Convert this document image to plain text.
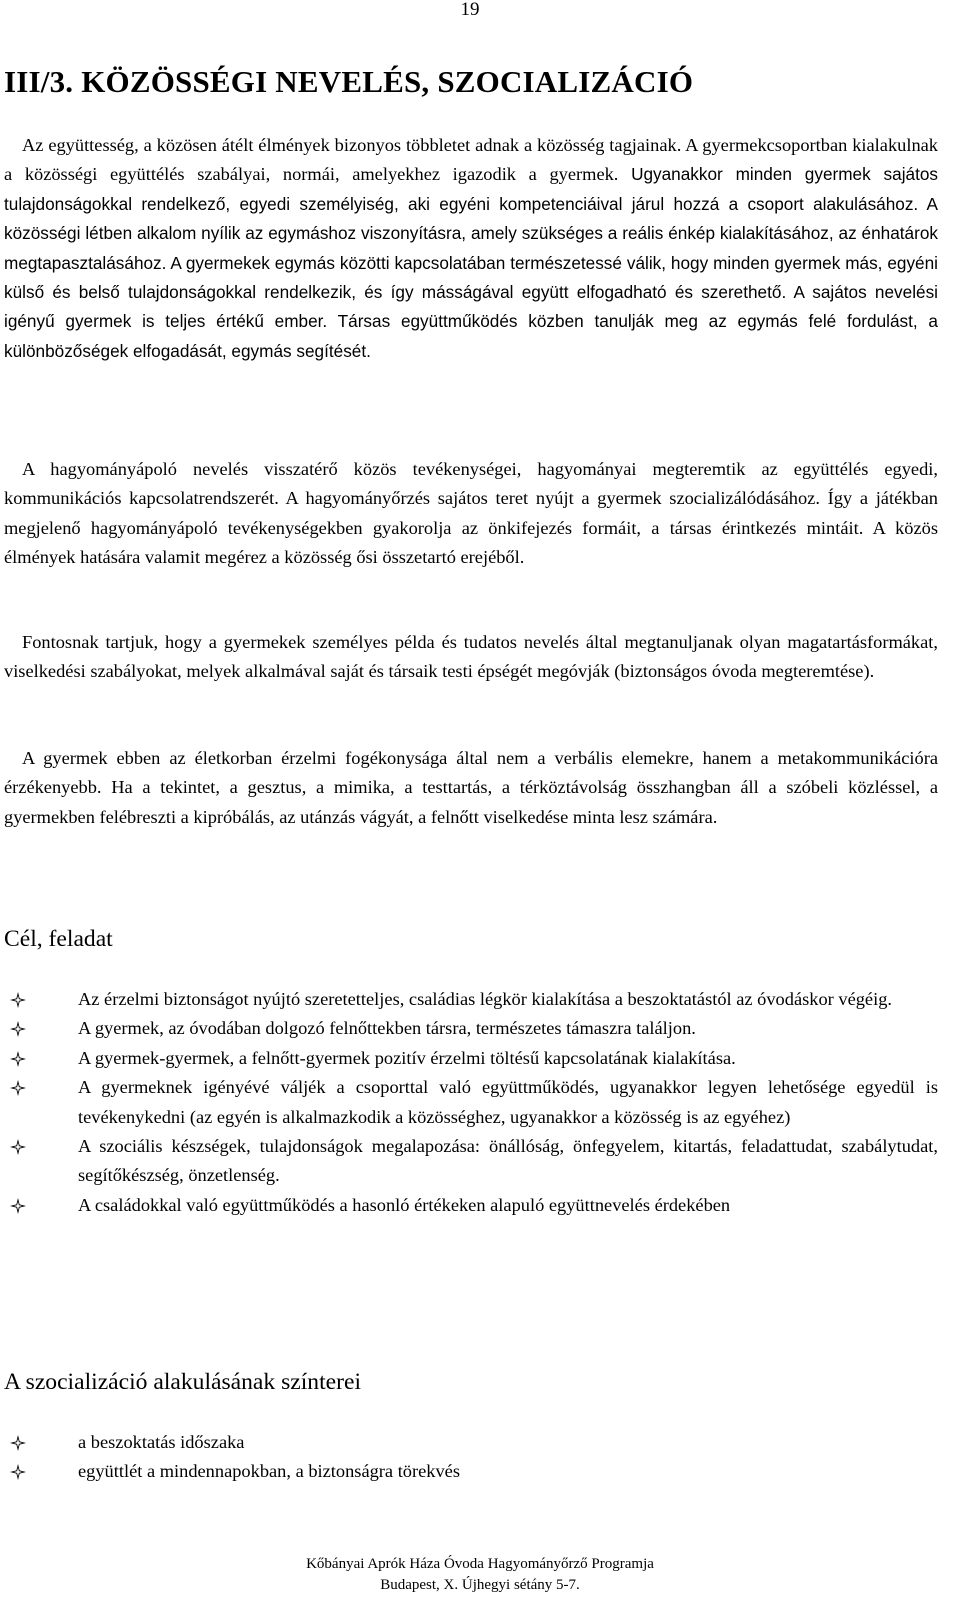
19
III/3. KÖZÖSSÉGI NEVELÉS, SZOCIALIZÁCIÓ

Az együttesség, a közösen átélt élmények bizonyos többletet adnak a közösség tagjainak. A gyermekcsoportban kialakulnak a közösségi együttélés szabályai, normái, amelyekhez igazodik a gyermek. Ugyanakkor minden gyermek sajátos tulajdonságokkal rendelkező, egyedi személyiség, aki egyéni kompetenciáival járul hozzá a csoport alakulásához. A közösségi létben alkalom nyílik az egymáshoz viszonyításra, amely szükséges a reális énkép kialakításához, az énhatárok megtapasztalásához. A gyermekek egymás közötti kapcsolatában természetessé válik, hogy minden gyermek más, egyéni külső és belső tulajdonságokkal rendelkezik, és így másságával együtt elfogadható és szerethető. A sajátos nevelési igényű gyermek is teljes értékű ember. Társas együttműködés közben tanulják meg az egymás felé fordulást, a különbözőségek elfogadását, egymás segítését.

A hagyományápoló nevelés visszatérő közös tevékenységei, hagyományai megteremtik az együttélés egyedi, kommunikációs kapcsolatrendszerét. A hagyományőrzés sajátos teret nyújt a gyermek szocializálódásához. Így a játékban megjelenő hagyományápoló tevékenységekben gyakorolja az önkifejezés formáit, a társas érintkezés mintáit. A közös élmények hatására valamit megérez a közösség ősi összetartó erejéből.

Fontosnak tartjuk, hogy a gyermekek személyes példa és tudatos nevelés által megtanuljanak olyan magatartásformákat, viselkedési szabályokat, melyek alkalmával saját és társaik testi épségét megóvják (biztonságos óvoda megteremtése).

A gyermek ebben az életkorban érzelmi fogékonysága által nem a verbális elemekre, hanem a metakommunikációra érzékenyebb. Ha a tekintet, a gesztus, a mimika, a testtartás, a térköztávolság összhangban áll a szóbeli közléssel, a gyermekben felébreszti a kipróbálás, az utánzás vágyát, a felnőtt viselkedése minta lesz számára.

Cél, feladat
Az érzelmi biztonságot nyújtó szeretetteljes, családias légkör kialakítása a beszoktatástól az óvodáskor végéig.
A gyermek, az óvodában dolgozó felnőttekben társra, természetes támaszra találjon.
A gyermek-gyermek, a felnőtt-gyermek pozitív érzelmi töltésű kapcsolatának kialakítása.
A gyermeknek igényévé váljék a csoporttal való együttműködés, ugyanakkor legyen lehetősége egyedül is tevékenykedni (az egyén is alkalmazkodik a közösséghez, ugyanakkor a közösség is az egyéhez)
A szociális készségek, tulajdonságok megalapozása: önállóság, önfegyelem, kitartás, feladattudat, szabálytudat, segítőkészség, önzetlenség.
A családokkal való együttműködés a hasonló értékeken alapuló együttnevelés érdekében
A szocializáció alakulásának színterei
a beszoktatás időszaka
együttlét a mindennapokban, a biztonságra törekvés
Kőbányai Aprók Háza Óvoda Hagyományőrző Programja
Budapest, X. Újhegyi sétány 5-7.
